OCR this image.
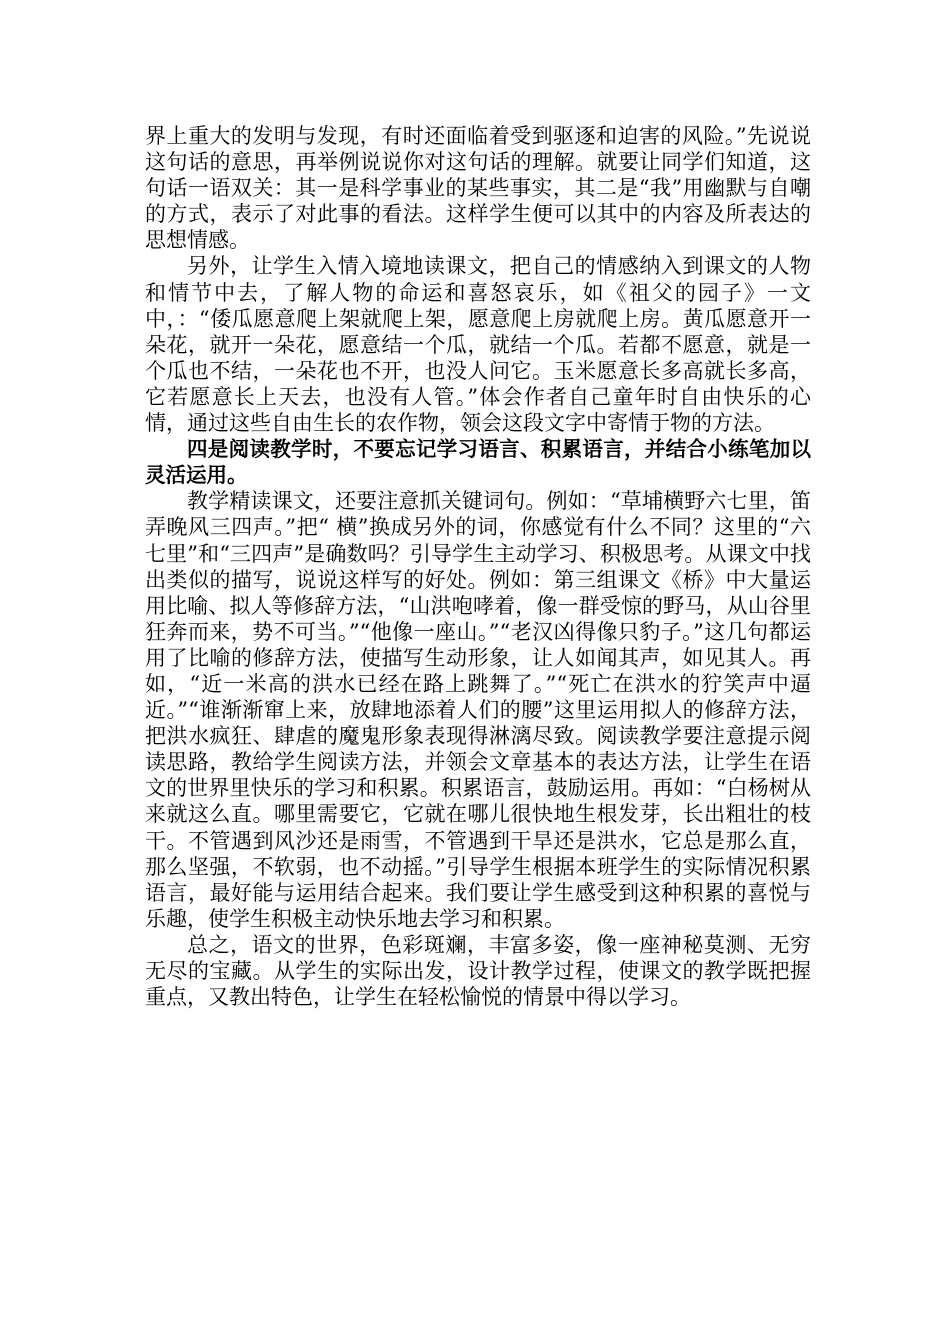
界上重大的发明与发现，有时还面临着受到驱逐和迫害的风险。”先说说这句话的意思，再举例说说你对这句话的理解。就要让同学们知道，这句话一语双关：其一是科学事业的某些事实，其二是“我”用幽默与自嘲的方式，表示了对此事的看法。这样学生便可以其中的内容及所表达的思想情感。

另外，让学生入情入境地读课文，把自己的情感纳入到课文的人物和情节中去，了解人物的命运和喜怒哀乐，如《祖父的园子》一文中，：“倭瓜愿意爬上架就爬上架，愿意爬上房就爬上房。黄瓜愿意开一朵花，就开一朵花，愿意结一个瓜，就结一个瓜。若都不愿意，就是一个瓜也不结，一朵花也不开，也没人问它。玉米愿意长多高就长多高，它若愿意长上天去，也没有人管。”体会作者自己童年时自由快乐的心情，通过这些自由生长的农作物，领会这段文字中寄情于物的方法。

四是阅读教学时，不要忘记学习语言、积累语言，并结合小练笔加以灵活运用。

教学精读课文，还要注意抓关键词句。例如：“草埔横野六七里，笛弄晚风三四声。”把“ 横”换成另外的词，你感觉有什么不同？这里的“六七里”和“三四声”是确数吗？引导学生主动学习、积极思考。从课文中找出类似的描写，说说这样写的好处。例如：第三组课文《桥》中大量运用比喻、拟人等修辞方法，“山洪咆哮着，像一群受惊的野马，从山谷里狂奔而来，势不可当。”“他像一座山。”“老汉凶得像只豹子。”这几句都运用了比喻的修辞方法，使描写生动形象，让人如闻其声，如见其人。再如，“近一米高的洪水已经在路上跳舞了。”“死亡在洪水的狞笑声中逼近。”“谁渐渐窜上来，放肆地添着人们的腰”这里运用拟人的修辞方法，把洪水疯狂、肆虐的魔鬼形象表现得淋漓尽致。阅读教学要注意提示阅读思路，教给学生阅读方法，并领会文章基本的表达方法，让学生在语文的世界里快乐的学习和积累。积累语言，鼓励运用。再如：“白杨树从来就这么直。哪里需要它，它就在哪儿很快地生根发芽，长出粗壮的枝干。不管遇到风沙还是雨雪，不管遇到干旱还是洪水，它总是那么直，那么坚强，不软弱，也不动摇。”引导学生根据本班学生的实际情况积累语言，最好能与运用结合起来。我们要让学生感受到这种积累的喜悦与乐趣，使学生积极主动快乐地去学习和积累。

总之，语文的世界，色彩斑斓，丰富多姿，像一座神秘莫测、无穷无尽的宝藏。从学生的实际出发，设计教学过程，使课文的教学既把握重点，又教出特色，让学生在轻松愉悦的情景中得以学习。
